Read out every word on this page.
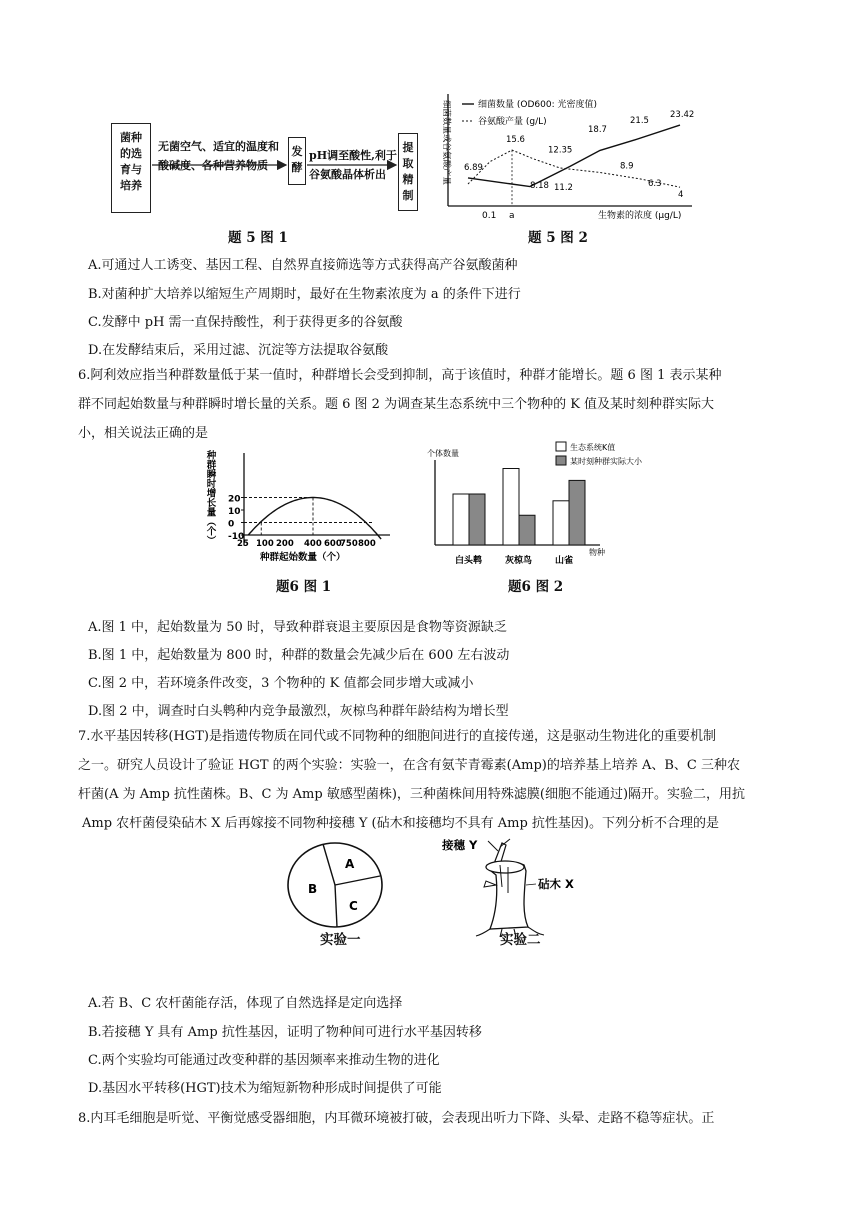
菌种的选育与培养
无菌空气、适宜的温度和
酸碱度、各种营养物质
发酵
pH调至酸性,利于
谷氨酸晶体析出
提取精制
题 5 图 1
细菌数量或谷氨酸产量	细菌数量 (OD600: 光密度值)
谷氨酸产量 (g/L)
6.89
15.6
12.35
8.18 11.2
18.7
8.9
21.5
6.3
23.42
4
0.1 a	生物素的浓度 (μg/L)
题 5 图 2
A.可通过人工诱变、基因工程、自然界直接筛选等方式获得高产谷氨酸菌种
B.对菌种扩大培养以缩短生产周期时，最好在生物素浓度为 a 的条件下进行
C.发酵中 pH 需一直保持酸性，利于获得更多的谷氨酸
D.在发酵结束后，采用过滤、沉淀等方法提取谷氨酸
6.阿利效应指当种群数量低于某一值时，种群增长会受到抑制，高于该值时，种群才能增长。题 6 图 1 表示某种
群不同起始数量与种群瞬时增长量的关系。题 6 图 2 为调查某生态系统中三个物种的 K 值及某时刻种群实际大
小，相关说法正确的是
种群瞬时增长量（个） 20
10
0
-10
25 100 200 400 600
750 800
种群起始数量（个）
题6 图 1
生态系统K值
某时刻种群实际大小
个体数量
白头鹎	灰椋鸟	山雀
物种
题6 图 2
A.图 1 中，起始数量为 50 时，导致种群衰退主要原因是食物等资源缺乏
B.图 1 中，起始数量为 800 时，种群的数量会先减少后在 600 左右波动
C.图 2 中，若环境条件改变，3 个物种的 K 值都会同步增大或减小
D.图 2 中，调查时白头鹎种内竞争最激烈，灰椋鸟种群年龄结构为增长型
7.水平基因转移(HGT)是指遗传物质在同代或不同物种的细胞间进行的直接传递，这是驱动生物进化的重要机制
之一。研究人员设计了验证 HGT 的两个实验：实验一，在含有氨苄青霉素(Amp)的培养基上培养 A、B、C 三种农
杆菌(A 为 Amp 抗性菌株。B、C 为 Amp 敏感型菌株)，三种菌株间用特殊滤膜(细胞不能通过)隔开。实验二，用抗
Amp 农杆菌侵染砧木 X 后再嫁接不同物种接穗 Y (砧木和接穗均不具有 Amp 抗性基因)。下列分析不合理的是
A
B
C
实验一
接穗 Y
砧木 X
实验二
A.若 B、C 农杆菌能存活，体现了自然选择是定向选择
B.若接穗 Y 具有 Amp 抗性基因，证明了物种间可进行水平基因转移
C.两个实验均可能通过改变种群的基因频率来推动生物的进化
D.基因水平转移(HGT)技术为缩短新物种形成时间提供了可能
8.内耳毛细胞是听觉、平衡觉感受器细胞，内耳微环境被打破，会表现出听力下降、头晕、走路不稳等症状。正
